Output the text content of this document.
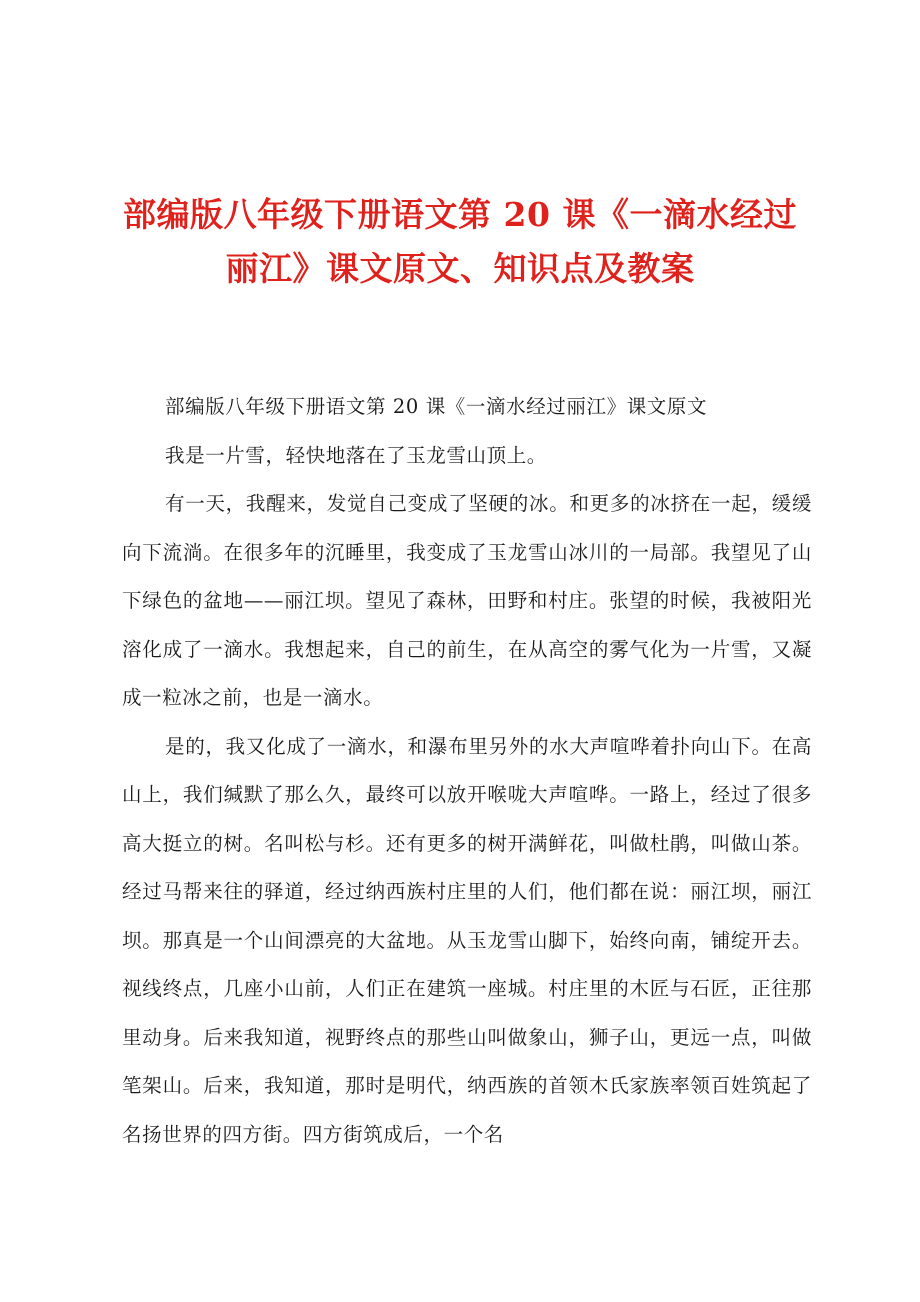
部编版八年级下册语文第 20 课《一滴水经过丽江》课文原文、知识点及教案

部编版八年级下册语文第 20 课《一滴水经过丽江》课文原文

我是一片雪，轻快地落在了玉龙雪山顶上。

有一天，我醒来，发觉自己变成了坚硬的冰。和更多的冰挤在一起，缓缓向下流淌。在很多年的沉睡里，我变成了玉龙雪山冰川的一局部。我望见了山下绿色的盆地——丽江坝。望见了森林，田野和村庄。张望的时候，我被阳光溶化成了一滴水。我想起来，自己的前生，在从高空的雾气化为一片雪，又凝成一粒冰之前，也是一滴水。

是的，我又化成了一滴水，和瀑布里另外的水大声喧哗着扑向山下。在高山上，我们缄默了那么久，最终可以放开喉咙大声喧哗。一路上，经过了很多高大挺立的树。名叫松与杉。还有更多的树开满鲜花，叫做杜鹃，叫做山茶。经过马帮来往的驿道，经过纳西族村庄里的人们，他们都在说：丽江坝，丽江坝。那真是一个山间漂亮的大盆地。从玉龙雪山脚下，始终向南，铺绽开去。视线终点，几座小山前，人们正在建筑一座城。村庄里的木匠与石匠，正往那里动身。后来我知道，视野终点的那些山叫做象山，狮子山，更远一点，叫做笔架山。后来，我知道，那时是明代，纳西族的首领木氏家族率领百姓筑起了名扬世界的四方街。四方街筑成后，一个名
